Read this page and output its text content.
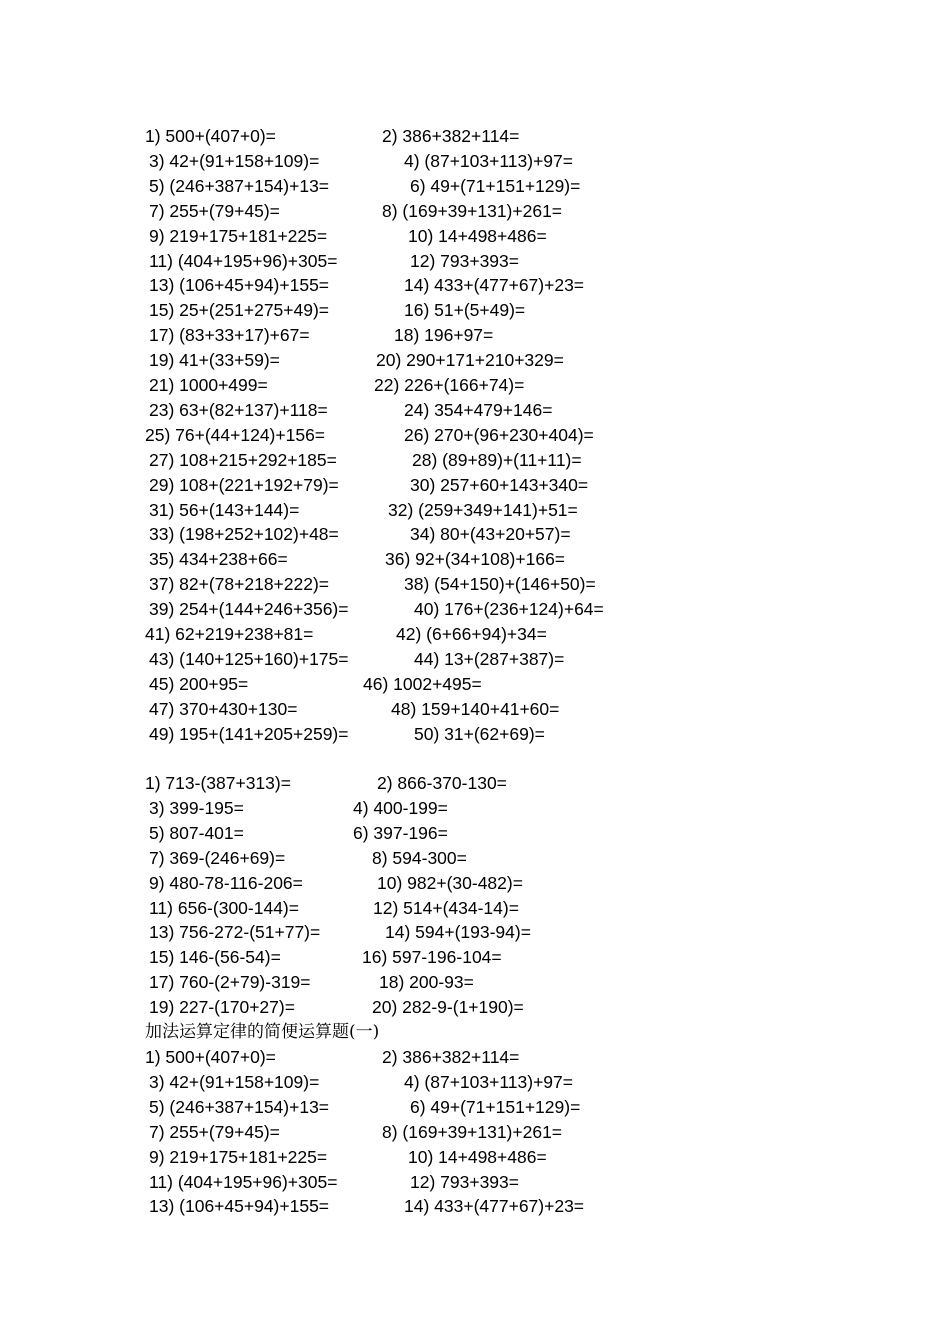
1) 500+(407+0)=	2) 386+382+114=
3) 42+(91+158+109)=	4) (87+103+113)+97=
5) (246+387+154)+13=	6) 49+(71+151+129)=
7) 255+(79+45)=	8) (169+39+131)+261=
9) 219+175+181+225=	10) 14+498+486=
11) (404+195+96)+305=	12) 793+393=
13) (106+45+94)+155=	14) 433+(477+67)+23=
15) 25+(251+275+49)=	16) 51+(5+49)=
17) (83+33+17)+67=	18) 196+97=
19) 41+(33+59)=	20) 290+171+210+329=
21) 1000+499=	22) 226+(166+74)=
23) 63+(82+137)+118=	24) 354+479+146=
25) 76+(44+124)+156=	26) 270+(96+230+404)=
27) 108+215+292+185=	28) (89+89)+(11+11)=
29) 108+(221+192+79)=	30) 257+60+143+340=
31) 56+(143+144)=	32) (259+349+141)+51=
33) (198+252+102)+48=	34) 80+(43+20+57)=
35) 434+238+66=	36) 92+(34+108)+166=
37) 82+(78+218+222)=	38) (54+150)+(146+50)=
39) 254+(144+246+356)=	40) 176+(236+124)+64=
41) 62+219+238+81=	42) (6+66+94)+34=
43) (140+125+160)+175=	44) 13+(287+387)=
45) 200+95=	46) 1002+495=
47) 370+430+130=	48) 159+140+41+60=
49) 195+(141+205+259)=	50) 31+(62+69)=
1) 713-(387+313)=	2) 866-370-130=
3) 399-195=	4) 400-199=
5) 807-401=	6) 397-196=
7) 369-(246+69)=	8) 594-300=
9) 480-78-116-206=	10) 982+(30-482)=
11) 656-(300-144)=	12) 514+(434-14)=
13) 756-272-(51+77)=	14) 594+(193-94)=
15) 146-(56-54)=	16) 597-196-104=
17) 760-(2+79)-319=	18) 200-93=
19) 227-(170+27)=	20) 282-9-(1+190)=
加法运算定律的简便运算题(一)
1) 500+(407+0)=	2) 386+382+114=
3) 42+(91+158+109)=	4) (87+103+113)+97=
5) (246+387+154)+13=	6) 49+(71+151+129)=
7) 255+(79+45)=	8) (169+39+131)+261=
9) 219+175+181+225=	10) 14+498+486=
11) (404+195+96)+305=	12) 793+393=
13) (106+45+94)+155=	14) 433+(477+67)+23=
